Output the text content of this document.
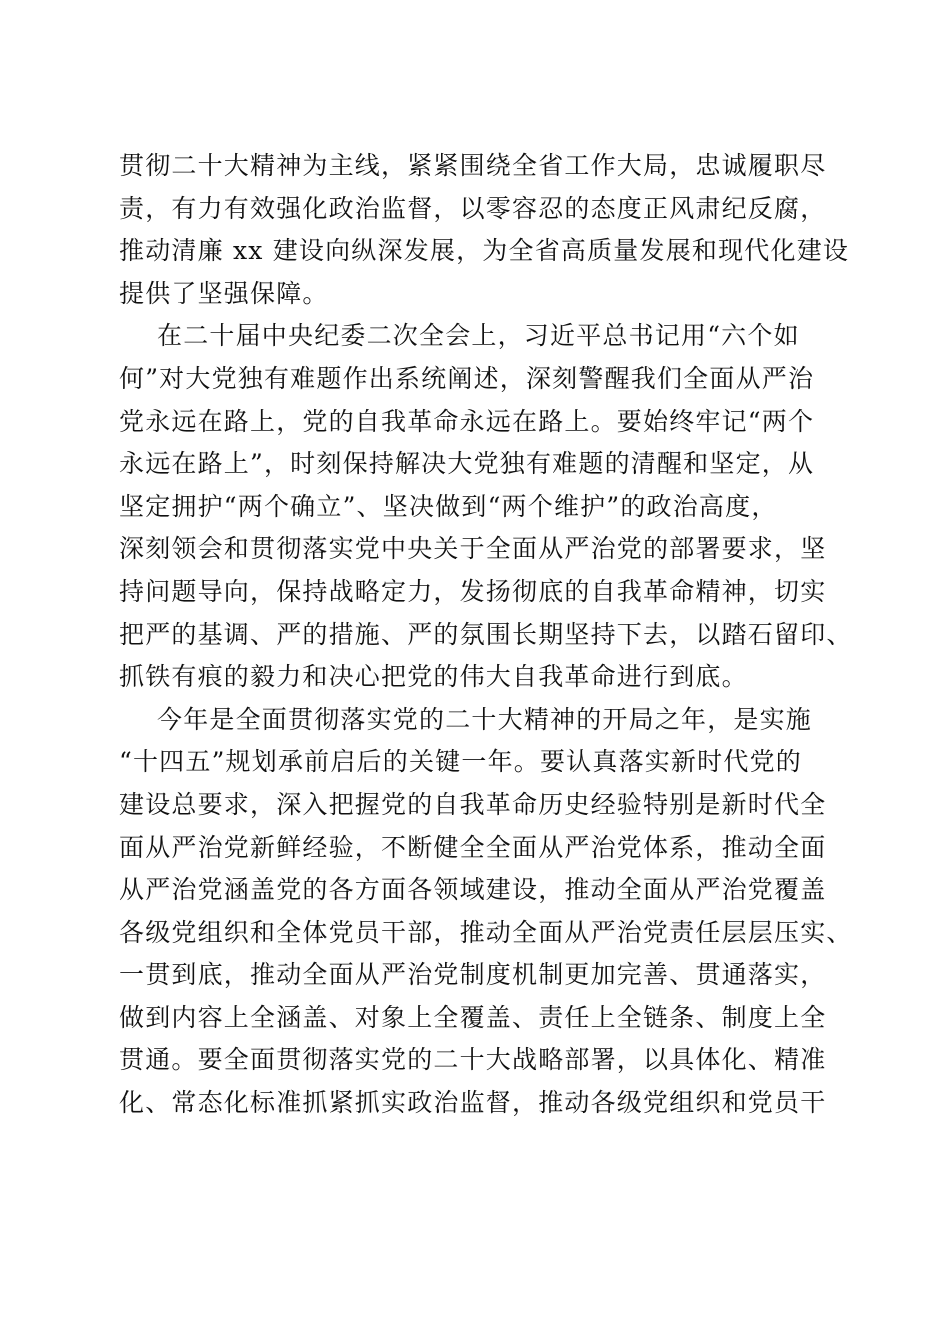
贯彻二十大精神为主线，紧紧围绕全省工作大局，忠诚履职尽
责，有力有效强化政治监督，以零容忍的态度正风肃纪反腐，
推动清廉 xx 建设向纵深发展，为全省高质量发展和现代化建设
提供了坚强保障。
在二十届中央纪委二次全会上，习近平总书记用“六个如
何”对大党独有难题作出系统阐述，深刻警醒我们全面从严治
党永远在路上，党的自我革命永远在路上。要始终牢记“两个
永远在路上”，时刻保持解决大党独有难题的清醒和坚定，从
坚定拥护“两个确立”、坚决做到“两个维护”的政治高度，
深刻领会和贯彻落实党中央关于全面从严治党的部署要求，坚
持问题导向，保持战略定力，发扬彻底的自我革命精神，切实
把严的基调、严的措施、严的氛围长期坚持下去，以踏石留印、
抓铁有痕的毅力和决心把党的伟大自我革命进行到底。
今年是全面贯彻落实党的二十大精神的开局之年，是实施
“十四五”规划承前启后的关键一年。要认真落实新时代党的
建设总要求，深入把握党的自我革命历史经验特别是新时代全
面从严治党新鲜经验，不断健全全面从严治党体系，推动全面
从严治党涵盖党的各方面各领域建设，推动全面从严治党覆盖
各级党组织和全体党员干部，推动全面从严治党责任层层压实、
一贯到底，推动全面从严治党制度机制更加完善、贯通落实，
做到内容上全涵盖、对象上全覆盖、责任上全链条、制度上全
贯通。要全面贯彻落实党的二十大战略部署，以具体化、精准
化、常态化标准抓紧抓实政治监督，推动各级党组织和党员干
